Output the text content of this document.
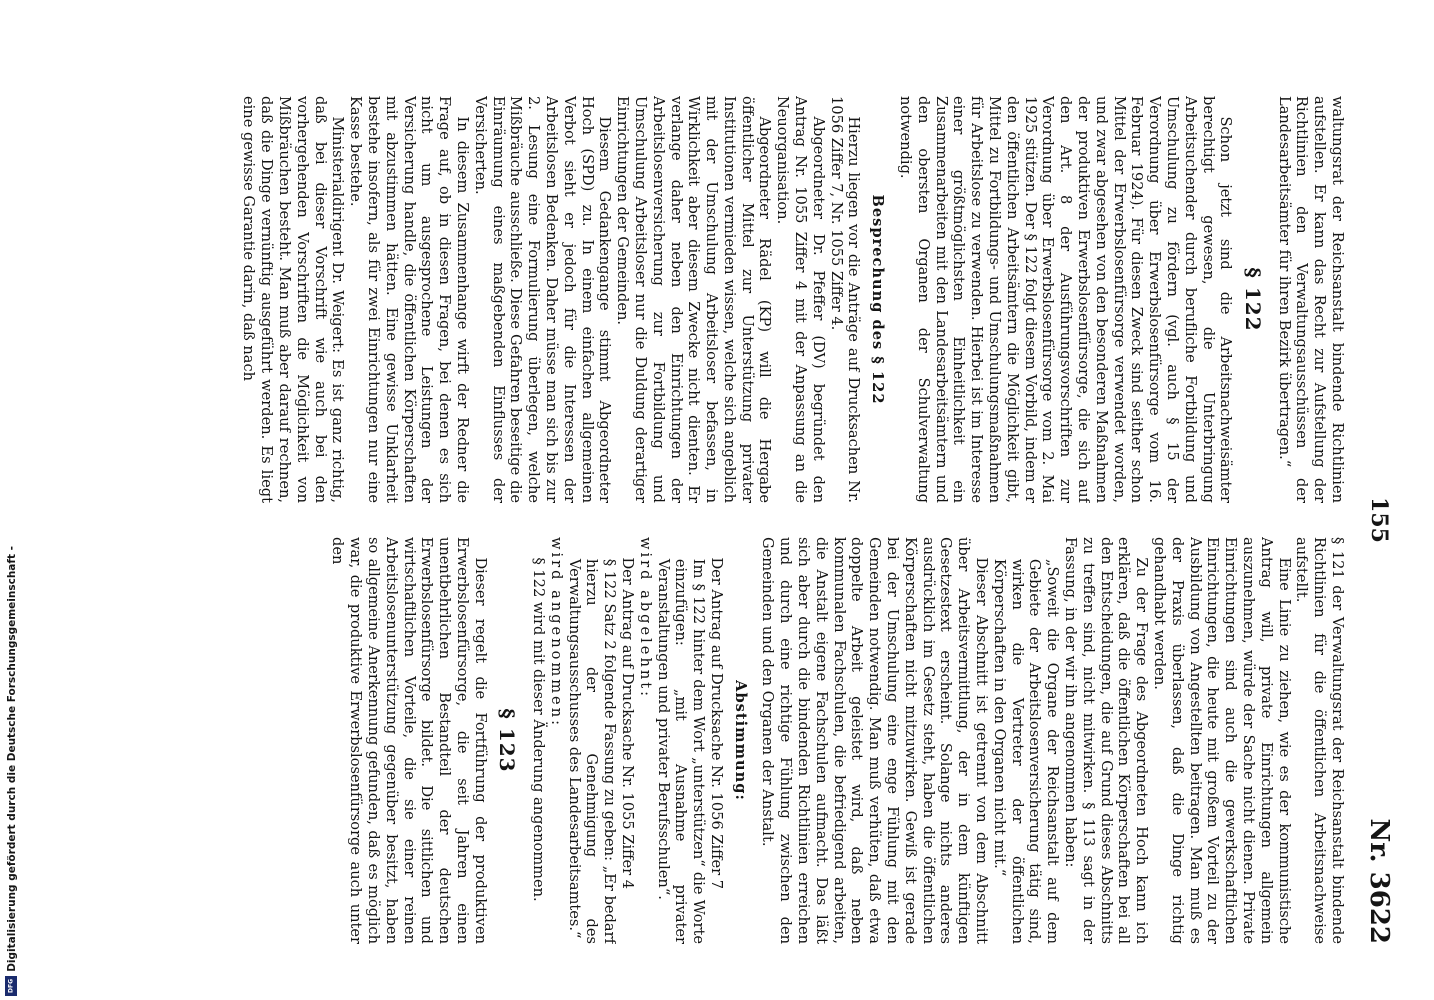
155
Nr. 3622

waltungsrat der Reichsanstalt bindende Richtlinien aufstellen. Er kann das Recht zur Aufstellung der Richtlinien den Verwaltungsausschüssen der Landesarbeitsämter für ihren Bezirk übertragen.“

§ 122

Schon jetzt sind die Arbeitsnachweisämter berechtigt gewesen, die Unterbringung Arbeitsuchender durch berufliche Fortbildung und Umschulung zu fördern (vgl. auch § 15 der Verordnung über Erwerbslosenfürsorge vom 16. Februar 1924). Für diesen Zweck sind seither schon Mittel der Erwerbslosenfürsorge verwendet worden, und zwar abgesehen von den besonderen Maßnahmen der produktiven Erwerbslosenfürsorge, die sich auf den Art. 8 der Ausführungsvorschriften zur Verordnung über Erwerbslosenfürsorge vom 2. Mai 1925 stützen. Der § 122 folgt diesem Vorbild, indem er den öffentlichen Arbeitsämtern die Möglichkeit gibt, Mittel zu Fortbildungs- und Umschulungsmaßnahmen für Arbeitslose zu verwenden. Hierbei ist im Interesse einer größtmöglichsten Einheitlichkeit ein Zusammenarbeiten mit den Landesarbeitsämtern und den obersten Organen der Schulverwaltung notwendig.

Besprechung des § 122

Hierzu liegen vor die Anträge auf Drucksachen Nr. 1056 Ziffer 7, Nr. 1055 Ziffer 4.

Abgeordneter Dr. Pfeffer (DV) begründet den Antrag Nr. 1055 Ziffer 4 mit der Anpassung an die Neuorganisation.

Abgeordneter Rädel (KP) will die Hergabe öffentlicher Mittel zur Unterstützung privater Institutionen vermieden wissen, welche sich angeblich mit der Umschulung Arbeitsloser befassen, in Wirklichkeit aber diesem Zwecke nicht dienten. Er verlange daher neben den Einrichtungen der Arbeitslosenversicherung zur Fortbildung und Umschulung Arbeitsloser nur die Duldung derartiger Einrichtungen der Gemeinden.

Diesem Gedankengange stimmt Abgeordneter Hoch (SPD) zu. In einem einfachen allgemeinen Verbot sieht er jedoch für die Interessen der Arbeitslosen Bedenken. Daher müsse man sich bis zur 2. Lesung eine Formulierung überlegen, welche Mißbräuche ausschließe. Diese Gefahren beseitige die Einräumung eines maßgebenden Einflusses der Versicherten.

In diesem Zusammenhange wirft der Redner die Frage auf, ob in diesen Fragen, bei denen es sich nicht um ausgesprochene Leistungen der Versicherung handle, die öffentlichen Körperschaften mit abzustimmen hätten. Eine gewisse Unklarheit bestehe insofern, als für zwei Einrichtungen nur eine Kasse bestehe.

Ministerialdirigent Dr. Weigert: Es ist ganz richtig, daß bei dieser Vorschrift wie auch bei den vorhergehenden Vorschriften die Möglichkeit von Mißbräuchen besteht. Man muß aber darauf rechnen, daß die Dinge vernünftig ausgeführt werden. Es liegt eine gewisse Garantie darin, daß nach

§ 121 der Verwaltungsrat der Reichsanstalt bindende Richtlinien für die öffentlichen Arbeitsnachweise aufstellt.

Eine Linie zu ziehen, wie es der kommunistische Antrag will, private Einrichtungen allgemein auszunehmen, würde der Sache nicht dienen. Private Einrichtungen sind auch die gewerkschaftlichen Einrichtungen, die heute mit großem Vorteil zu der Ausbildung von Angestellten beitragen. Man muß es der Praxis überlassen, daß die Dinge richtig gehandhabt werden.

Zu der Frage des Abgeordneten Hoch kann ich erklären, daß die öffentlichen Körperschaften bei all den Entscheidungen, die auf Grund dieses Abschnitts zu treffen sind, nicht mitwirken. § 113 sagt in der Fassung, in der wir ihn angenommen haben:

„Soweit die Organe der Reichsanstalt auf dem Gebiete der Arbeitslosenversicherung tätig sind, wirken die Vertreter der öffentlichen Körperschaften in den Organen nicht mit.“

Dieser Abschnitt ist getrennt von dem Abschnitt über Arbeitsvermittlung, der in dem künftigen Gesetzestext erscheint. Solange nichts anderes ausdrücklich im Gesetz steht, haben die öffentlichen Körperschaften nicht mitzuwirken. Gewiß ist gerade bei der Umschulung eine enge Fühlung mit den Gemeinden notwendig. Man muß verhüten, daß etwa doppelte Arbeit geleistet wird, daß neben kommunalen Fachschulen, die befriedigend arbeiten, die Anstalt eigene Fachschulen aufmacht. Das läßt sich aber durch die bindenden Richtlinien erreichen und durch eine richtige Fühlung zwischen den Gemeinden und den Organen der Anstalt.

Abstimmung:

Der Antrag auf Drucksache Nr. 1056 Ziffer 7

Im § 122 hinter dem Wort „unterstützen“ die Worte einzufügen: „mit Ausnahme privater Veranstaltungen und privater Berufsschulen“.

wird abgelehnt:

Der Antrag auf Drucksache Nr. 1055 Ziffer 4

§ 122 Satz 2 folgende Fassung zu geben: „Er bedarf hierzu der Genehmigung des Verwaltungsausschusses des Landesarbeitsamtes.“

wird angenommen:

§ 122 wird mit dieser Änderung angenommen.

§ 123

Dieser regelt die Fortführung der produktiven Erwerbslosenfürsorge, die seit Jahren einen unentbehrlichen Bestandteil der deutschen Erwerbslosenfürsorge bildet. Die sittlichen und wirtschaftlichen Vorteile, die sie einer reinen Arbeitslosenunterstützung gegenüber besitzt, haben so allgemeine Anerkennung gefunden, daß es möglich war, die produktive Erwerbslosenfürsorge auch unter den

Digitalisierung gefördert durch die Deutsche Forschungsgemeinschaft -
DFG
